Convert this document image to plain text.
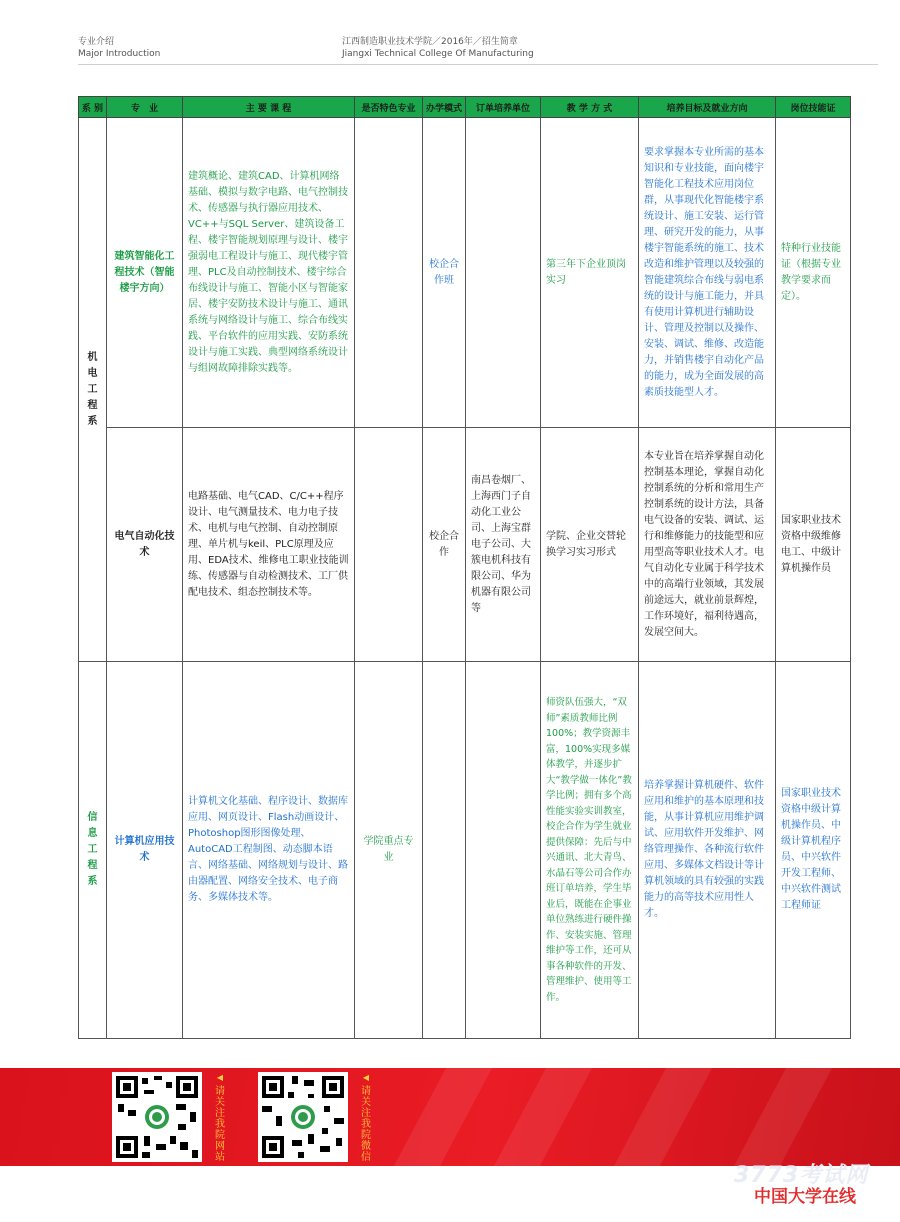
专业介绍
Major Introduction
江西制造职业技术学院／2016年／招生简章
Jiangxi Technical College Of Manufacturing
系 别	专　业	主 要 课 程	是否特色专业	办学模式	订单培养单位	教 学 方 式	培养目标及就业方向	岗位技能证

机电工程系	建筑智能化工程技术（智能楼宇方向）	建筑概论、建筑CAD、计算机网络基础、模拟与数字电路、电气控制技术、传感器与执行器应用技术、VC++与SQL Server、建筑设备工程、楼宇智能规划原理与设计、楼宇强弱电工程设计与施工、现代楼宇管理、PLC及自动控制技术、楼宇综合布线设计与施工、智能小区与智能家居、楼宇安防技术设计与施工、通讯系统与网络设计与施工、综合布线实践、平台软件的应用实践、安防系统设计与施工实践、典型网络系统设计与组网故障排除实践等。		校企合作班		第三年下企业顶岗实习	要求掌握本专业所需的基本知识和专业技能，面向楼宇智能化工程技术应用岗位群，从事现代化智能楼宇系统设计、施工安装、运行管理、研究开发的能力，从事楼宇智能系统的施工、技术改造和维护管理以及较强的智能建筑综合布线与弱电系统的设计与施工能力，并具有使用计算机进行辅助设计、管理及控制以及操作、安装、调试、维修、改造能力，并销售楼宇自动化产品的能力，成为全面发展的高素质技能型人才。	特种行业技能证（根据专业教学要求而定）。
	电气自动化技术	电路基础、电气CAD、C/C++程序设计、电气测量技术、电力电子技术、电机与电气控制、自动控制原理、单片机与keil、PLC原理及应用、EDA技术、维修电工职业技能训练、传感器与自动检测技术、工厂供配电技术、组态控制技术等。		校企合作	南昌卷烟厂、上海西门子自动化工业公司、上海宝群电子公司、大簇电机科技有限公司、华为机器有限公司等	学院、企业交替轮换学习实习形式	本专业旨在培养掌握自动化控制基本理论，掌握自动化控制系统的分析和常用生产控制系统的设计方法，具备电气设备的安装、调试、运行和维修能力的技能型和应用型高等职业技术人才。电气自动化专业属于科学技术中的高端行业领域，其发展前途远大，就业前景辉煌，工作环境好，福利待遇高，发展空间大。	国家职业技术资格中级维修电工、中级计算机操作员

信息工程系	计算机应用技术	计算机文化基础、程序设计、数据库应用、网页设计、Flash动画设计、Photoshop图形图像处理、AutoCAD工程制图、动态脚本语言、网络基础、网络规划与设计、路由器配置、网络安全技术、电子商务、多媒体技术等。	学院重点专业			师资队伍强大，“双师”素质教师比例100%；教学资源丰富，100%实现多媒体教学，并逐步扩大“教学做一体化”教学比例；拥有多个高性能实验实训教室，校企合作为学生就业提供保障：先后与中兴通讯、北大青鸟、水晶石等公司合作办班订单培养，学生毕业后，既能在企事业单位熟练进行硬件操作、安装实施、管理维护等工作，还可从事各种软件的开发、管理维护、使用等工作。	培养掌握计算机硬件、软件应用和维护的基本原理和技能，从事计算机应用维护调试、应用软件开发维护、网络管理操作、各种流行软件应用、多媒体文档设计等计算机领域的具有较强的实践能力的高等技术应用性人才。	国家职业技术资格中级计算机操作员、中级计算机程序员、中兴软件开发工程师、中兴软件测试工程师证
◀
请关注我院网站
◀
请关注我院微信
3773考试网
中国大学在线
